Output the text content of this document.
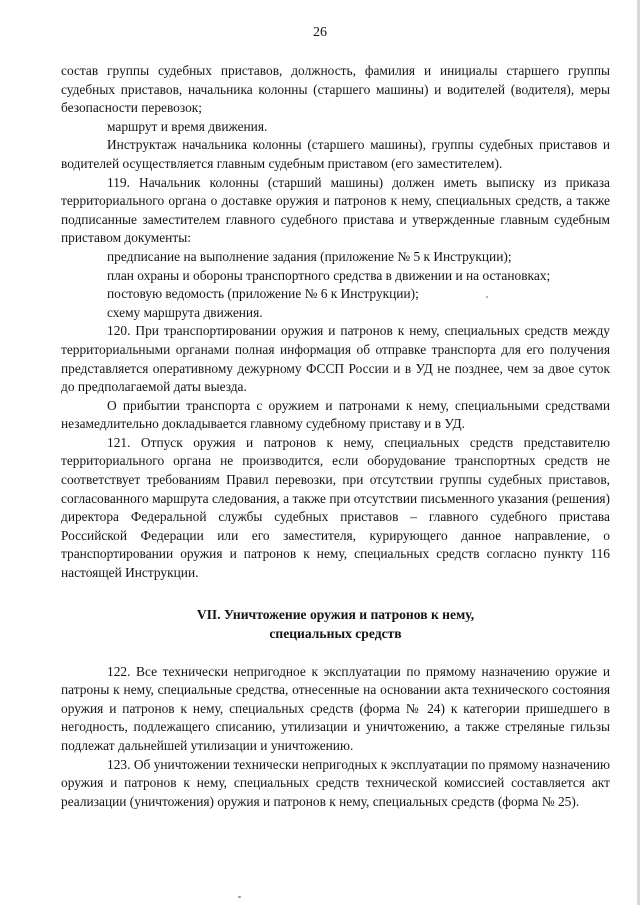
26

состав группы судебных приставов, должность, фамилия и инициалы старшего группы судебных приставов, начальника колонны (старшего машины) и водителей (водителя), меры безопасности перевозок;

маршрут и время движения.

Инструктаж начальника колонны (старшего машины), группы судебных приставов и водителей осуществляется главным судебным приставом (его заместителем).

119. Начальник колонны (старший машины) должен иметь выписку из приказа территориального органа о доставке оружия и патронов к нему, специальных средств, а также подписанные заместителем главного судебного пристава и утвержденные главным судебным приставом документы:

предписание на выполнение задания (приложение № 5 к Инструкции);

план охраны и обороны транспортного средства в движении и на остановках;

постовую ведомость (приложение № 6 к Инструкции);

схему маршрута движения.

120. При транспортировании оружия и патронов к нему, специальных средств между территориальными органами полная информация об отправке транспорта для его получения представляется оперативному дежурному ФССП России и в УД не позднее, чем за двое суток до предполагаемой даты выезда.

О прибытии транспорта с оружием и патронами к нему, специальными средствами незамедлительно докладывается главному судебному приставу и в УД.

121. Отпуск оружия и патронов к нему, специальных средств представителю территориального органа не производится, если оборудование транспортных средств не соответствует требованиям Правил перевозки, при отсутствии группы судебных приставов, согласованного маршрута следования, а также при отсутствии письменного указания (решения) директора Федеральной службы судебных приставов – главного судебного пристава Российской Федерации или его заместителя, курирующего данное направление, о транспортировании оружия и патронов к нему, специальных средств согласно пункту 116 настоящей Инструкции.

VII. Уничтожение оружия и патронов к нему,
специальных средств

122. Все технически непригодное к эксплуатации по прямому назначению оружие и патроны к нему, специальные средства, отнесенные на основании акта технического состояния оружия и патронов к нему, специальных средств (форма № 24) к категории пришедшего в негодность, подлежащего списанию, утилизации и уничтожению, а также стреляные гильзы подлежат дальнейшей утилизации и уничтожению.

123. Об уничтожении технически непригодных к эксплуатации по прямому назначению оружия и патронов к нему, специальных средств технической комиссией составляется акт реализации (уничтожения) оружия и патронов к нему, специальных средств (форма № 25).
